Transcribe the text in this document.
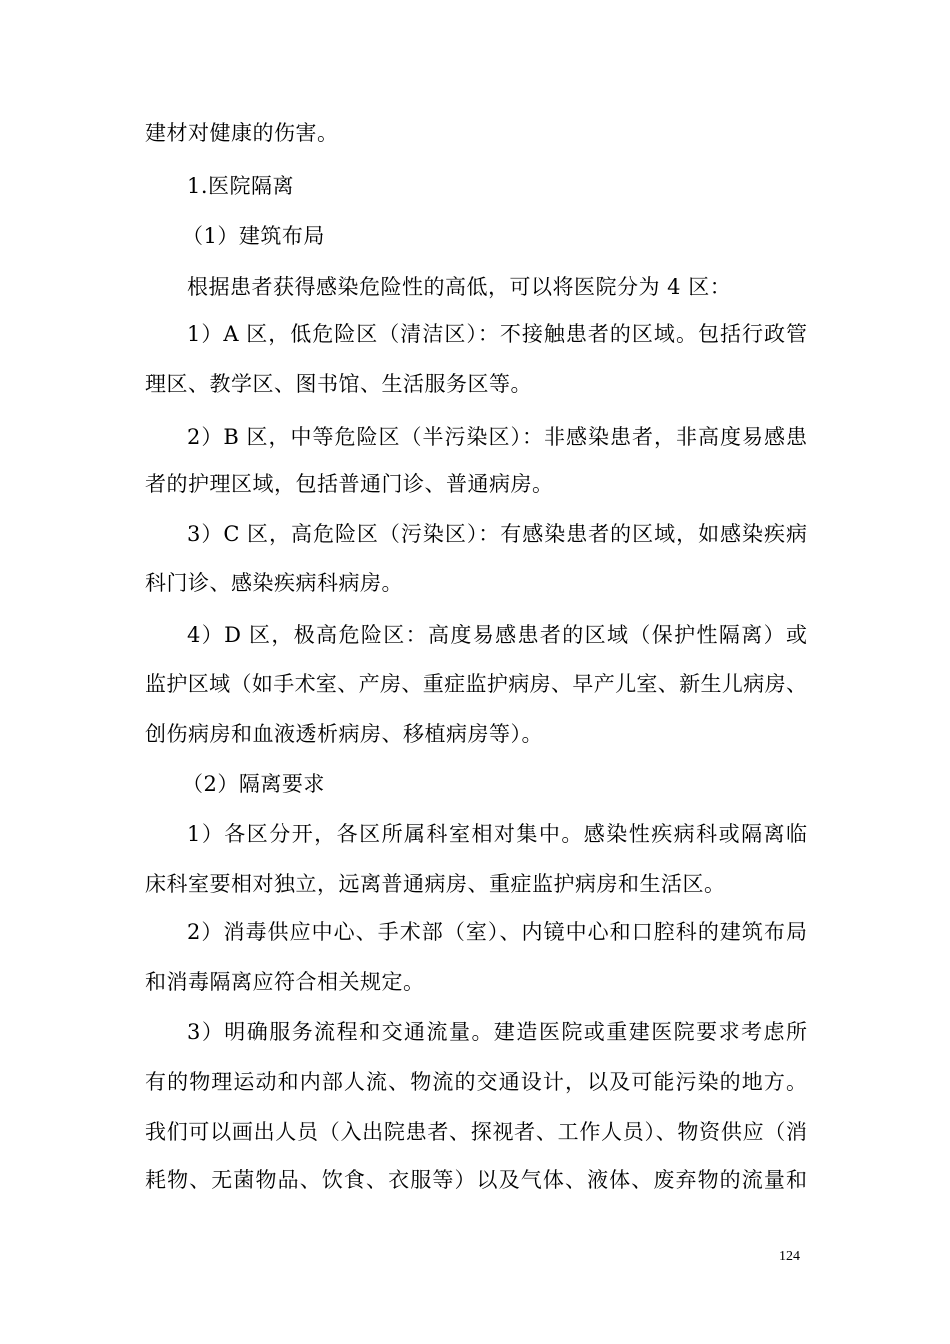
建材对健康的伤害。
1.医院隔离
（1）建筑布局
根据患者获得感染危险性的高低，可以将医院分为 4 区：
1）A 区，低危险区（清洁区）：不接触患者的区域。包括行政管
理区、教学区、图书馆、生活服务区等。
2）B 区，中等危险区（半污染区）：非感染患者，非高度易感患
者的护理区域，包括普通门诊、普通病房。
3）C 区，高危险区（污染区）：有感染患者的区域，如感染疾病
科门诊、感染疾病科病房。
4）D 区，极高危险区：高度易感患者的区域（保护性隔离）或
监护区域（如手术室、产房、重症监护病房、早产儿室、新生儿病房、
创伤病房和血液透析病房、移植病房等）。
（2）隔离要求
1）各区分开，各区所属科室相对集中。感染性疾病科或隔离临
床科室要相对独立，远离普通病房、重症监护病房和生活区。
2）消毒供应中心、手术部（室）、内镜中心和口腔科的建筑布局
和消毒隔离应符合相关规定。
3）明确服务流程和交通流量。建造医院或重建医院要求考虑所
有的物理运动和内部人流、物流的交通设计，以及可能污染的地方。
我们可以画出人员（入出院患者、探视者、工作人员）、物资供应（消
耗物、无菌物品、饮食、衣服等）以及气体、液体、废弃物的流量和
124
